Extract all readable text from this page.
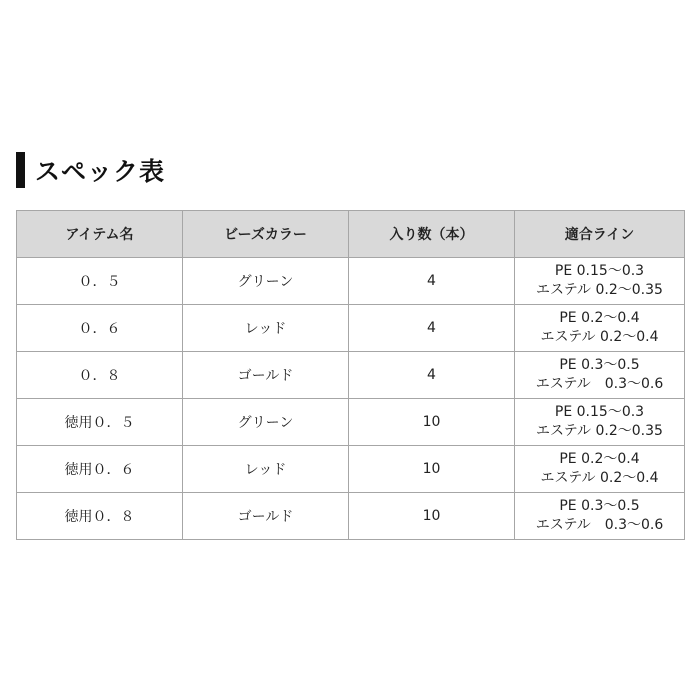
スペック表
アイテム名	ビーズカラー	入り数（本）	適合ライン
０．５	グリーン	4	PE 0.15〜0.3
エステル 0.2〜0.35

０．６	レッド	4	PE 0.2〜0.4
エステル 0.2〜0.4

０．８	ゴールド	4	PE 0.3〜0.5
エステル　0.3〜0.6

徳用０．５	グリーン	10	PE 0.15〜0.3
エステル 0.2〜0.35

徳用０．６	レッド	10	PE 0.2〜0.4
エステル 0.2〜0.4

徳用０．８	ゴールド	10	PE 0.3〜0.5
エステル　0.3〜0.6
